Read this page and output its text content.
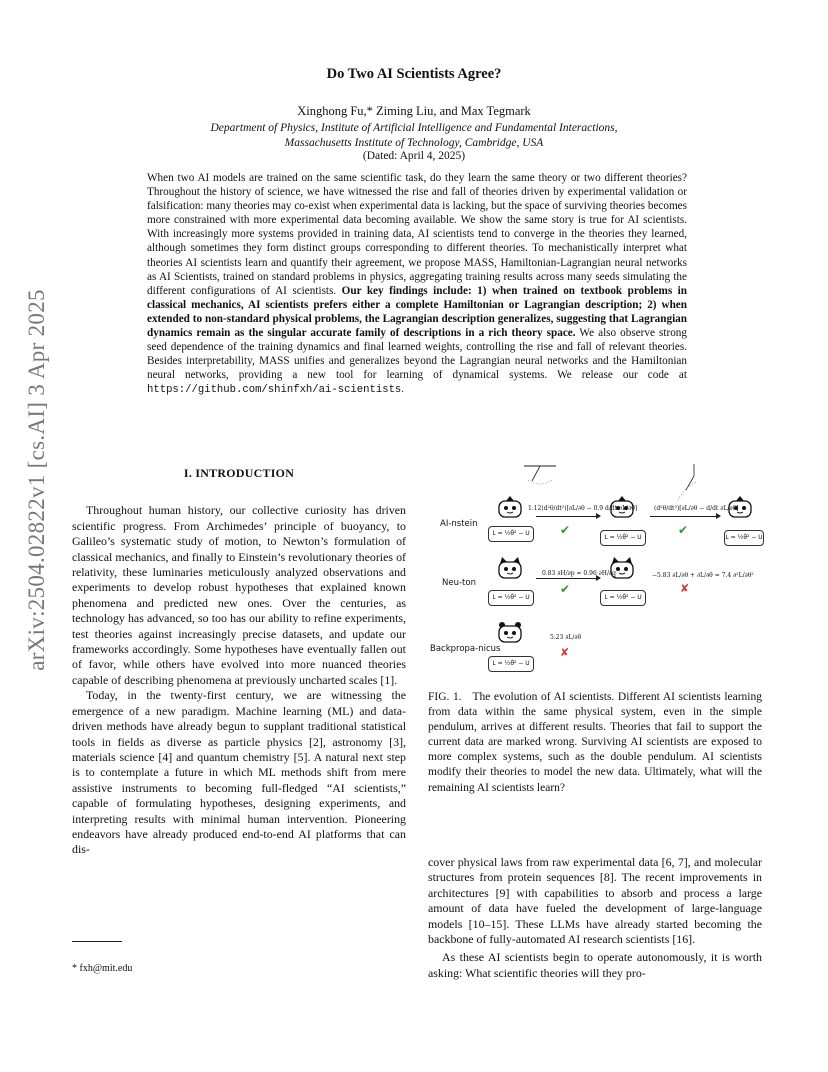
arXiv:2504.02822v1 [cs.AI] 3 Apr 2025
Do Two AI Scientists Agree?
Xinghong Fu,* Ziming Liu, and Max Tegmark
Department of Physics, Institute of Artificial Intelligence and Fundamental Interactions,
Massachusetts Institute of Technology, Cambridge, USA
(Dated: April 4, 2025)
When two AI models are trained on the same scientific task, do they learn the same theory or two different theories? Throughout the history of science, we have witnessed the rise and fall of theories driven by experimental validation or falsification: many theories may co-exist when experimental data is lacking, but the space of surviving theories becomes more constrained with more experimental data becoming available. We show the same story is true for AI scientists. With increasingly more systems provided in training data, AI scientists tend to converge in the theories they learned, although sometimes they form distinct groups corresponding to different theories. To mechanistically interpret what theories AI scientists learn and quantify their agreement, we propose MASS, Hamiltonian-Lagrangian neural networks as AI Scientists, trained on standard problems in physics, aggregating training results across many seeds simulating the different configurations of AI scientists. Our key findings include: 1) when trained on textbook problems in classical mechanics, AI scientists prefers either a complete Hamiltonian or Lagrangian description; 2) when extended to non-standard physical problems, the Lagrangian description generalizes, suggesting that Lagrangian dynamics remain as the singular accurate family of descriptions in a rich theory space. We also observe strong seed dependence of the training dynamics and final learned weights, controlling the rise and fall of relevant theories. Besides interpretability, MASS unifies and generalizes beyond the Lagrangian neural networks and the Hamiltonian neural networks, providing a new tool for learning of dynamical systems. We release our code at https://github.com/shinfxh/ai-scientists.
I. INTRODUCTION

Throughout human history, our collective curiosity has driven scientific progress. From Archimedes’ principle of buoyancy, to Galileo’s systematic study of motion, to Newton’s formulation of classical mechanics, and finally to Einstein’s revolutionary theories of relativity, these luminaries meticulously analyzed observations and experiments to develop robust hypotheses that explained known phenomena and predicted new ones. Over the centuries, as technology has advanced, so too has our ability to refine experiments, test theories against increasingly precise datasets, and update our frameworks accordingly. Some hypotheses have eventually fallen out of favor, while others have evolved into more nuanced theories capable of describing phenomena at previously uncharted scales [1].

Today, in the twenty-first century, we are witnessing the emergence of a new paradigm. Machine learning (ML) and data-driven methods have already begun to supplant traditional statistical tools in fields as diverse as particle physics [2], astronomy [3], materials science [4] and quantum chemistry [5]. A natural next step is to contemplate a future in which ML methods shift from mere assistive instruments to becoming full-fledged “AI scientists,” capable of formulating hypotheses, designing experiments, and interpreting results with minimal human intervention. Pioneering endeavors have already produced end-to-end AI platforms that can dis-

* fxh@mit.edu
AI-nstein
Neu-ton
Backpropa-nicus
L = ½θ̇² − U
L = ½θ̇² − U	L = ½θ̇² − U
1.12(d²θ/dt²)[∂L/∂θ − 0.9 d/dt ∂L/∂θ̇]
✔
(d²θ/dt²)[∂L/∂θ − d/dt ∂L/∂θ̇]
✔
L = ½θ̇² − U	L = ½θ̇² − U
0.83 ∂H/∂p = 0.96 ∂H/∂q
✔
−5.83 ∂L/∂θ + ∂L/∂θ̇ = 7.4 ∂²L/∂θ²
✘
L = ½θ̇² − U
5.23 ∂L/∂θ̇
✘
FIG. 1. The evolution of AI scientists. Different AI scientists learning from data within the same physical system, even in the simple pendulum, arrives at different results. Theories that fail to support the current data are marked wrong. Surviving AI scientists are exposed to more complex systems, such as the double pendulum. AI scientists modify their theories to model the new data. Ultimately, what will the remaining AI scientists learn?

cover physical laws from raw experimental data [6, 7], and molecular structures from protein sequences [8]. The recent improvements in architectures [9] with capabilities to absorb and process a large amount of data have fueled the development of large-language models [10–15]. These LLMs have already started becoming the backbone of fully-automated AI research scientists [16].

As these AI scientists begin to operate autonomously, it is worth asking: What scientific theories will they pro-
